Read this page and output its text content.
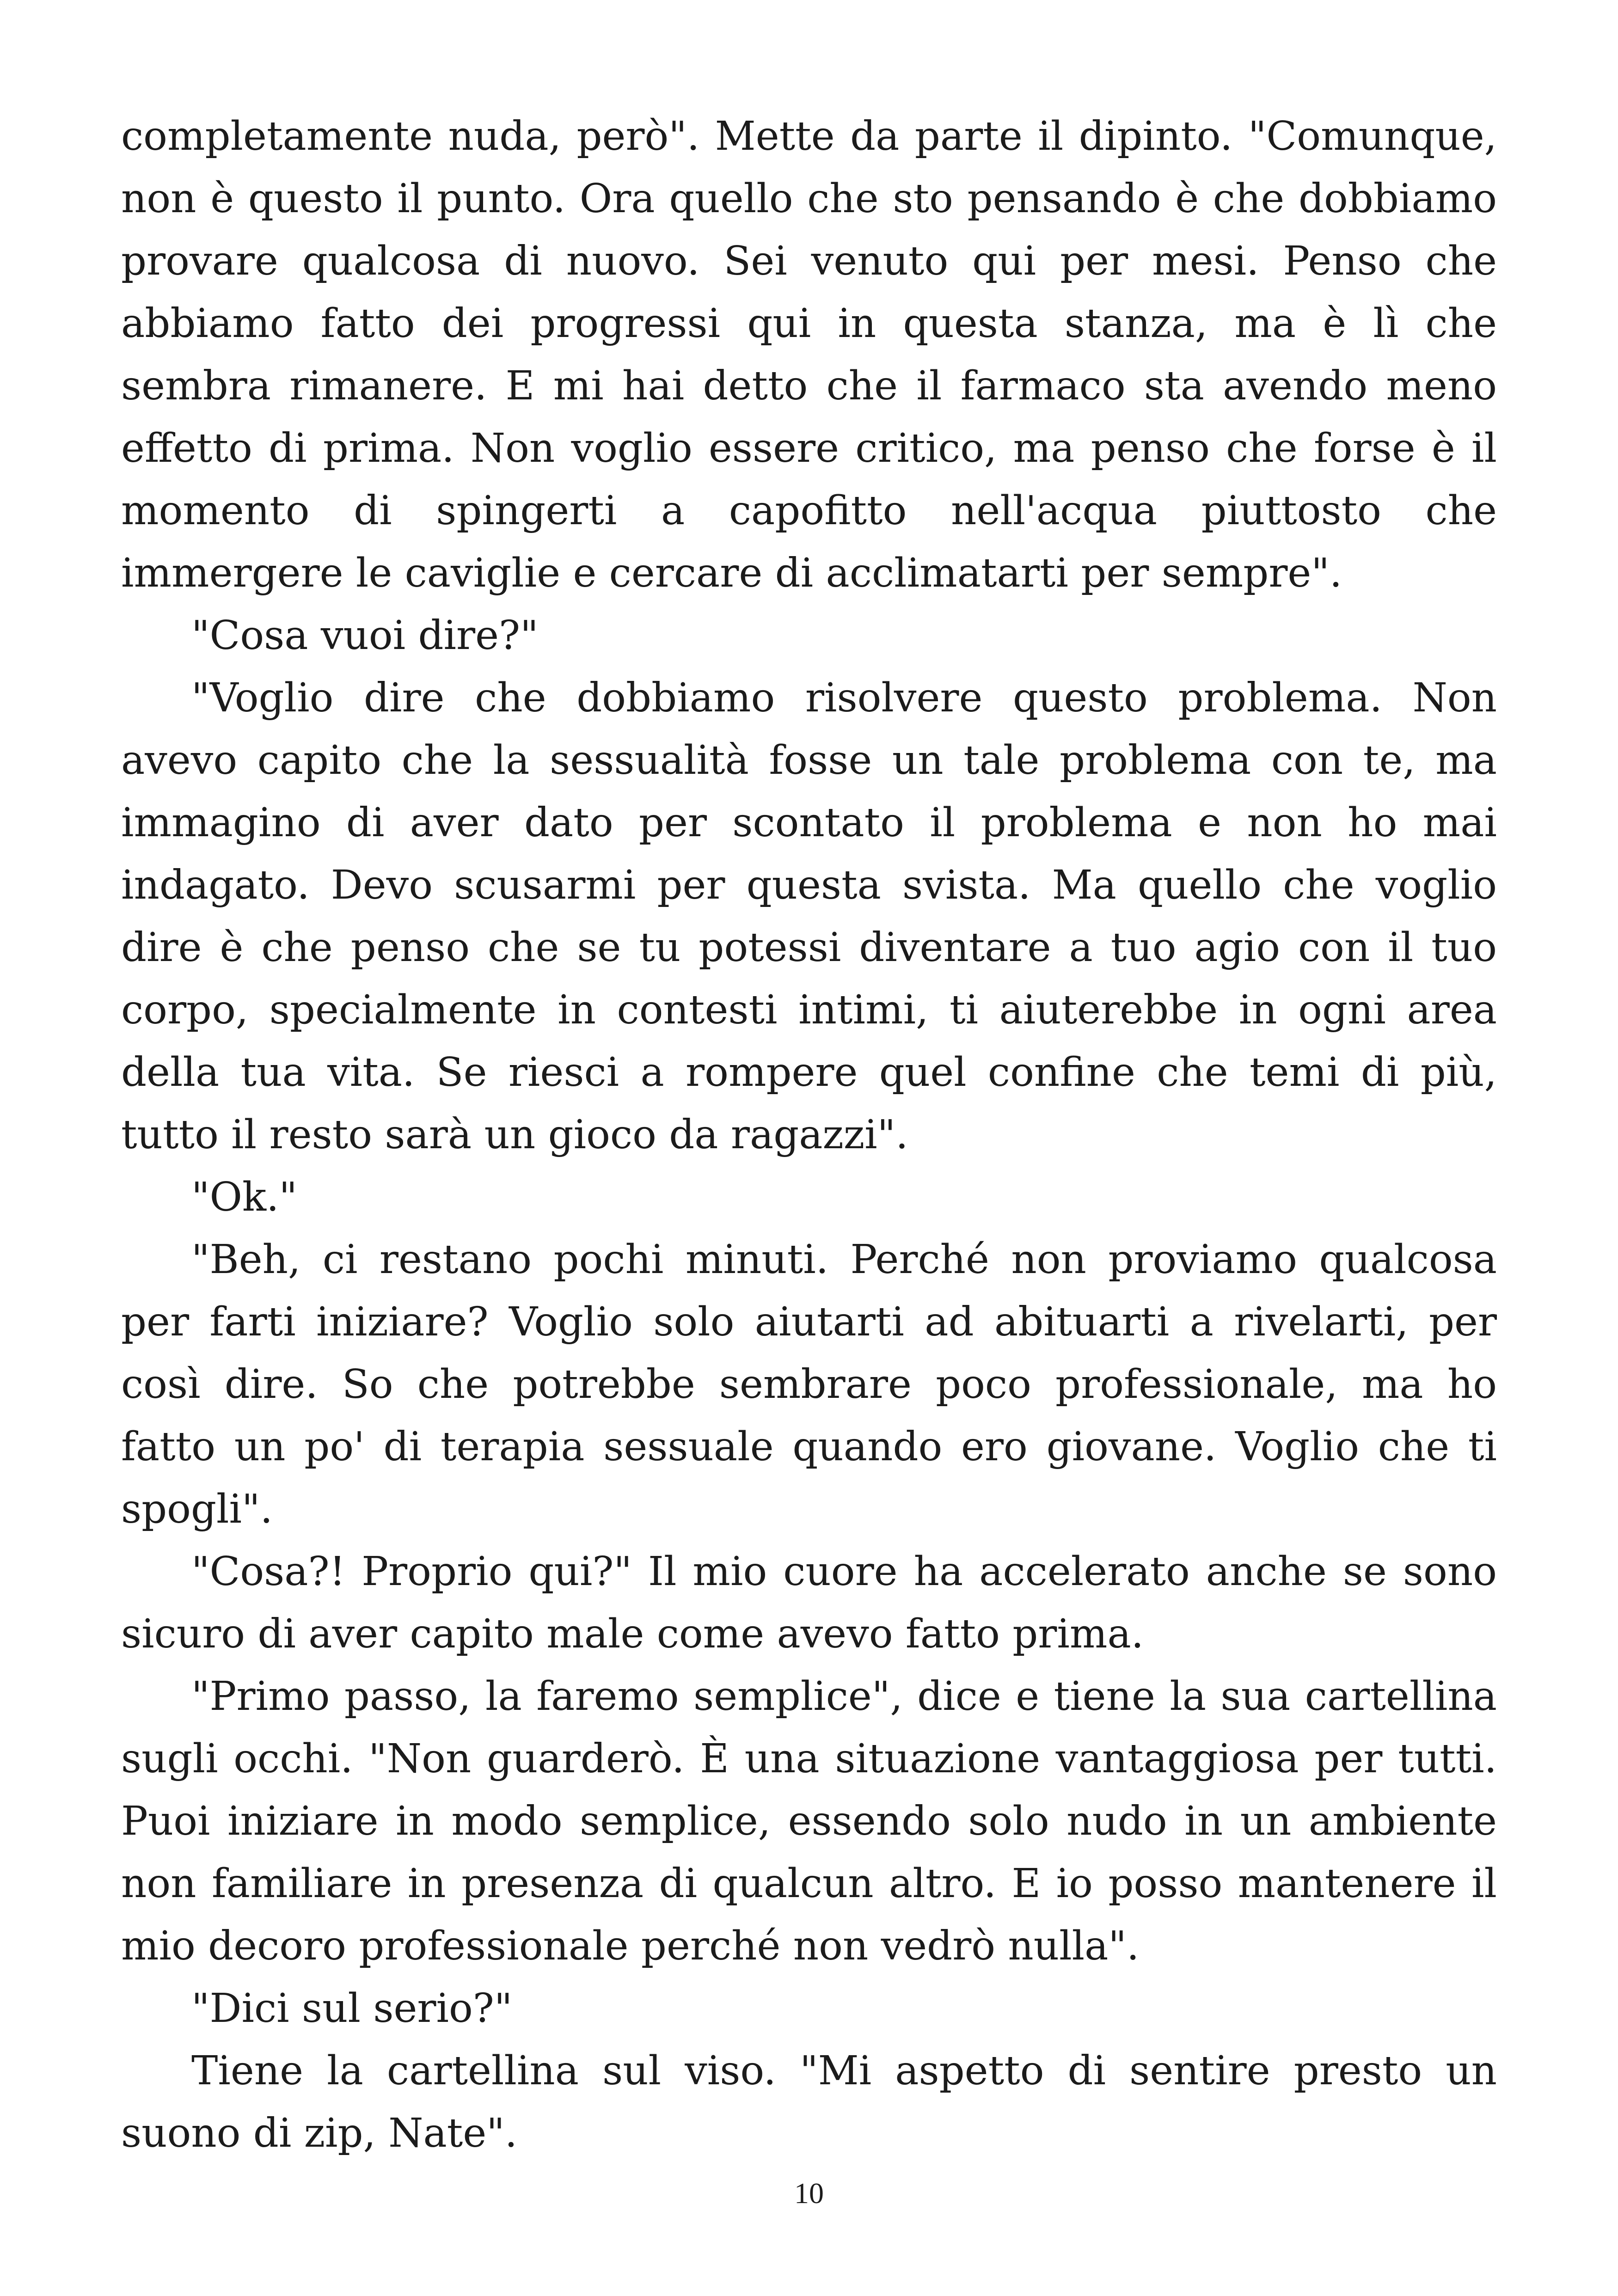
completamente nuda, però". Mette da parte il dipinto. "Comunque, non è questo il punto. Ora quello che sto pensando è che dobbiamo provare qualcosa di nuovo. Sei venuto qui per mesi. Penso che abbiamo fatto dei progressi qui in questa stanza, ma è lì che sembra rimanere. E mi hai detto che il farmaco sta avendo meno effetto di prima. Non voglio essere critico, ma penso che forse è il momento di spingerti a capofitto nell'acqua piuttosto che immergere le caviglie e cercare di acclimatarti per sempre".

"Cosa vuoi dire?"

"Voglio dire che dobbiamo risolvere questo problema. Non avevo capito che la sessualità fosse un tale problema con te, ma immagino di aver dato per scontato il problema e non ho mai indagato. Devo scusarmi per questa svista. Ma quello che voglio dire è che penso che se tu potessi diventare a tuo agio con il tuo corpo, specialmente in contesti intimi, ti aiuterebbe in ogni area della tua vita. Se riesci a rompere quel confine che temi di più, tutto il resto sarà un gioco da ragazzi".

"Ok."

"Beh, ci restano pochi minuti. Perché non proviamo qualcosa per farti iniziare? Voglio solo aiutarti ad abituarti a rivelarti, per così dire. So che potrebbe sembrare poco professionale, ma ho fatto un po' di terapia sessuale quando ero giovane. Voglio che ti spogli".

"Cosa?! Proprio qui?" Il mio cuore ha accelerato anche se sono sicuro di aver capito male come avevo fatto prima.

"Primo passo, la faremo semplice", dice e tiene la sua cartellina sugli occhi. "Non guarderò. È una situazione vantaggiosa per tutti. Puoi iniziare in modo semplice, essendo solo nudo in un ambiente non familiare in presenza di qualcun altro. E io posso mantenere il mio decoro professionale perché non vedrò nulla".

"Dici sul serio?"

Tiene la cartellina sul viso. "Mi aspetto di sentire presto un suono di zip, Nate".

10
